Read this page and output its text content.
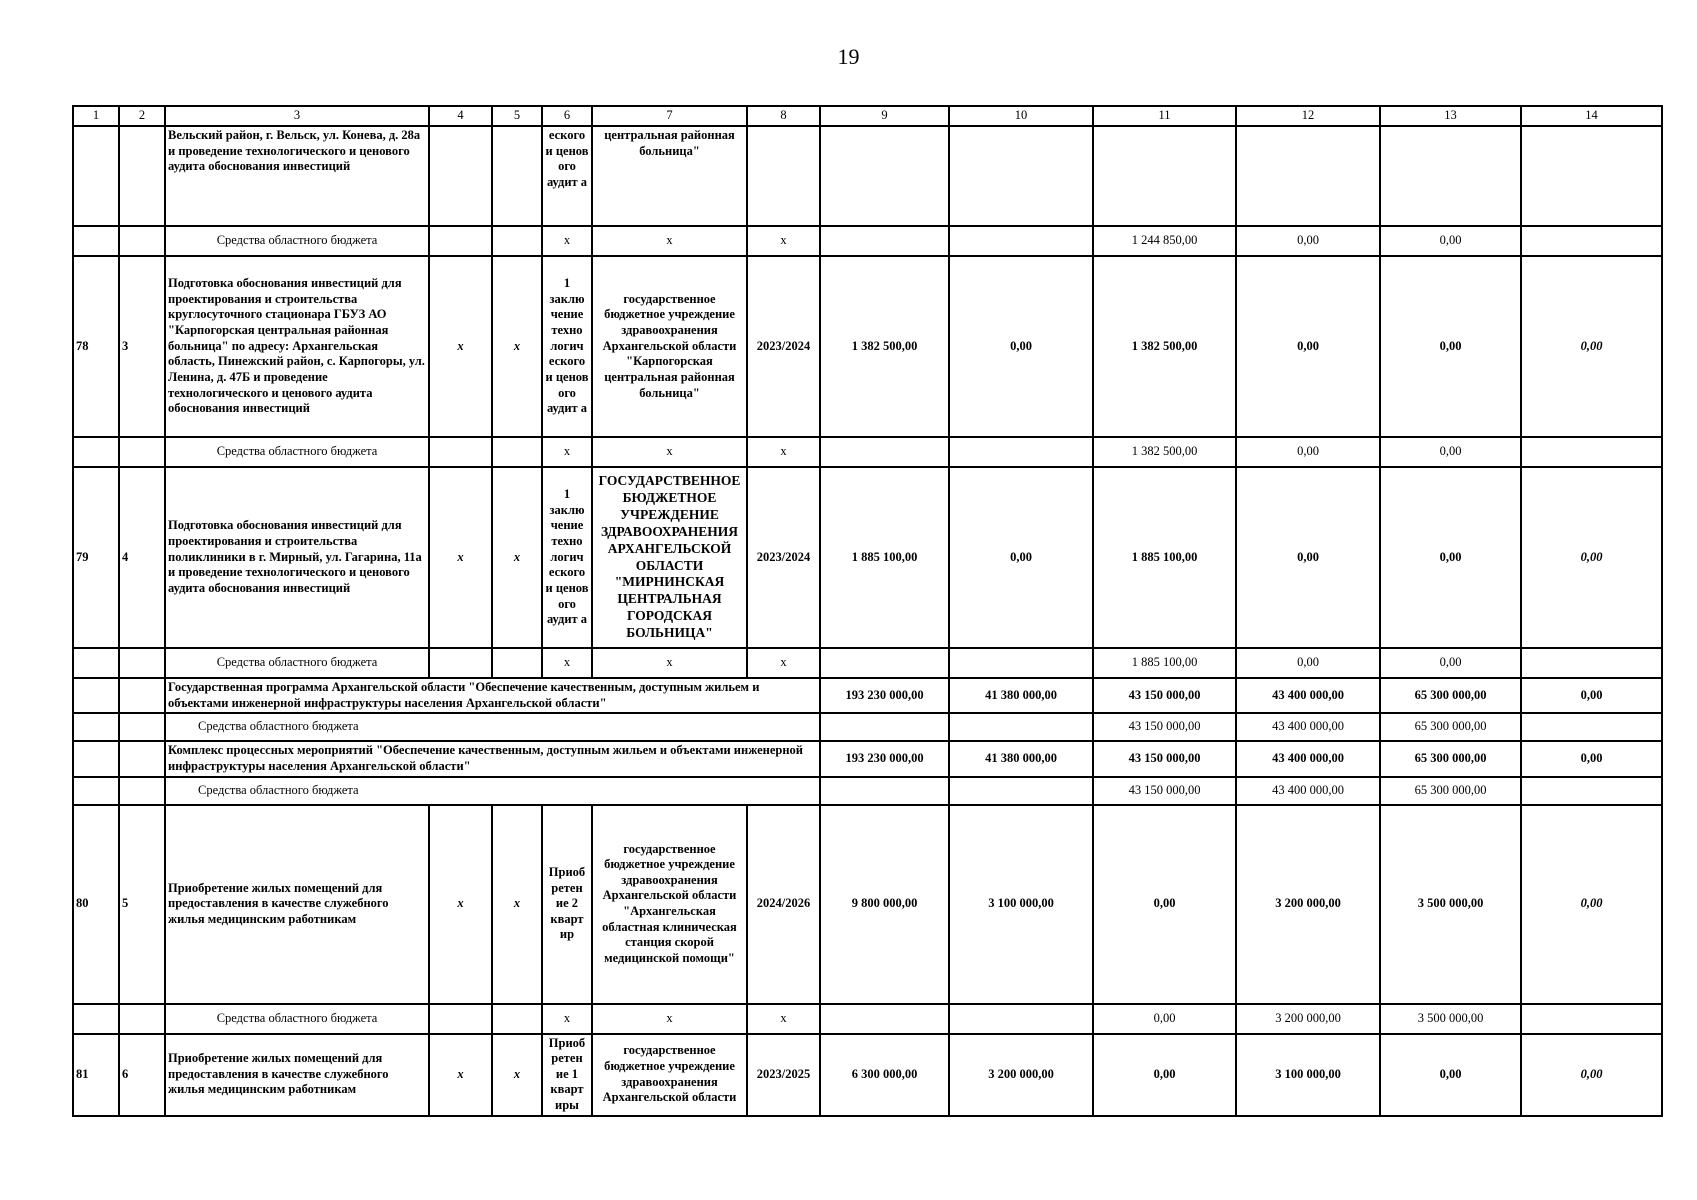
19
1	2	3	4	5	6	7	8	9	10	11	12	13	14
		Вельский район, г. Вельск, ул. Конева, д. 28а и проведение технологического и ценового аудита обоснования инвестиций			еского и ценов ого аудит а	центральная районная больница"							
		Средства областного бюджета			x	x	x			1 244 850,00	0,00	0,00	
78	3	Подготовка обоснования инвестиций для проектирования и строительства круглосуточного стационара ГБУЗ АО "Карпогорская центральная районная больница" по адресу: Архангельская область, Пинежский район, с. Карпогоры, ул. Ленина, д. 47Б и проведение технологического и ценового аудита обоснования инвестиций	x	x	1 заклю чение техно логич еского и ценов ого аудит а	государственное бюджетное учреждение здравоохранения Архангельской области "Карпогорская центральная районная больница"	2023/2024	1 382 500,00	0,00	1 382 500,00	0,00	0,00	0,00
		Средства областного бюджета			x	x	x			1 382 500,00	0,00	0,00	
79	4	Подготовка обоснования инвестиций для проектирования и строительства поликлиники в г. Мирный, ул. Гагарина, 11а и проведение технологического и ценового аудита обоснования инвестиций	x	x	1 заклю чение техно логич еского и ценов ого аудит а	ГОСУДАРСТВЕННОЕ БЮДЖЕТНОЕ УЧРЕЖДЕНИЕ ЗДРАВООХРАНЕНИЯ АРХАНГЕЛЬСКОЙ ОБЛАСТИ "МИРНИНСКАЯ ЦЕНТРАЛЬНАЯ ГОРОДСКАЯ БОЛЬНИЦА"	2023/2024	1 885 100,00	0,00	1 885 100,00	0,00	0,00	0,00
		Средства областного бюджета			x	x	x			1 885 100,00	0,00	0,00	
		Государственная программа Архангельской области "Обеспечение качественным, доступным жильем и объектами инженерной инфраструктуры населения Архангельской области"						193 230 000,00	41 380 000,00	43 150 000,00	43 400 000,00	65 300 000,00	0,00
		Средства областного бюджета								43 150 000,00	43 400 000,00	65 300 000,00	
		Комплекс процессных мероприятий "Обеспечение качественным, доступным жильем и объектами инженерной инфраструктуры населения Архангельской области"						193 230 000,00	41 380 000,00	43 150 000,00	43 400 000,00	65 300 000,00	0,00
		Средства областного бюджета								43 150 000,00	43 400 000,00	65 300 000,00	
80	5	Приобретение жилых помещений для предоставления в качестве служебного жилья медицинским работникам	x	x	Приоб ретен ие 2 кварт ир	государственное бюджетное учреждение здравоохранения Архангельской области "Архангельская областная клиническая станция скорой медицинской помощи"	2024/2026	9 800 000,00	3 100 000,00	0,00	3 200 000,00	3 500 000,00	0,00
		Средства областного бюджета			x	x	x			0,00	3 200 000,00	3 500 000,00	
81	6	Приобретение жилых помещений для предоставления в качестве служебного жилья медицинским работникам	x	x	Приоб ретен ие 1 кварт иры	государственное бюджетное учреждение здравоохранения Архангельской области	2023/2025	6 300 000,00	3 200 000,00	0,00	3 100 000,00	0,00	0,00
